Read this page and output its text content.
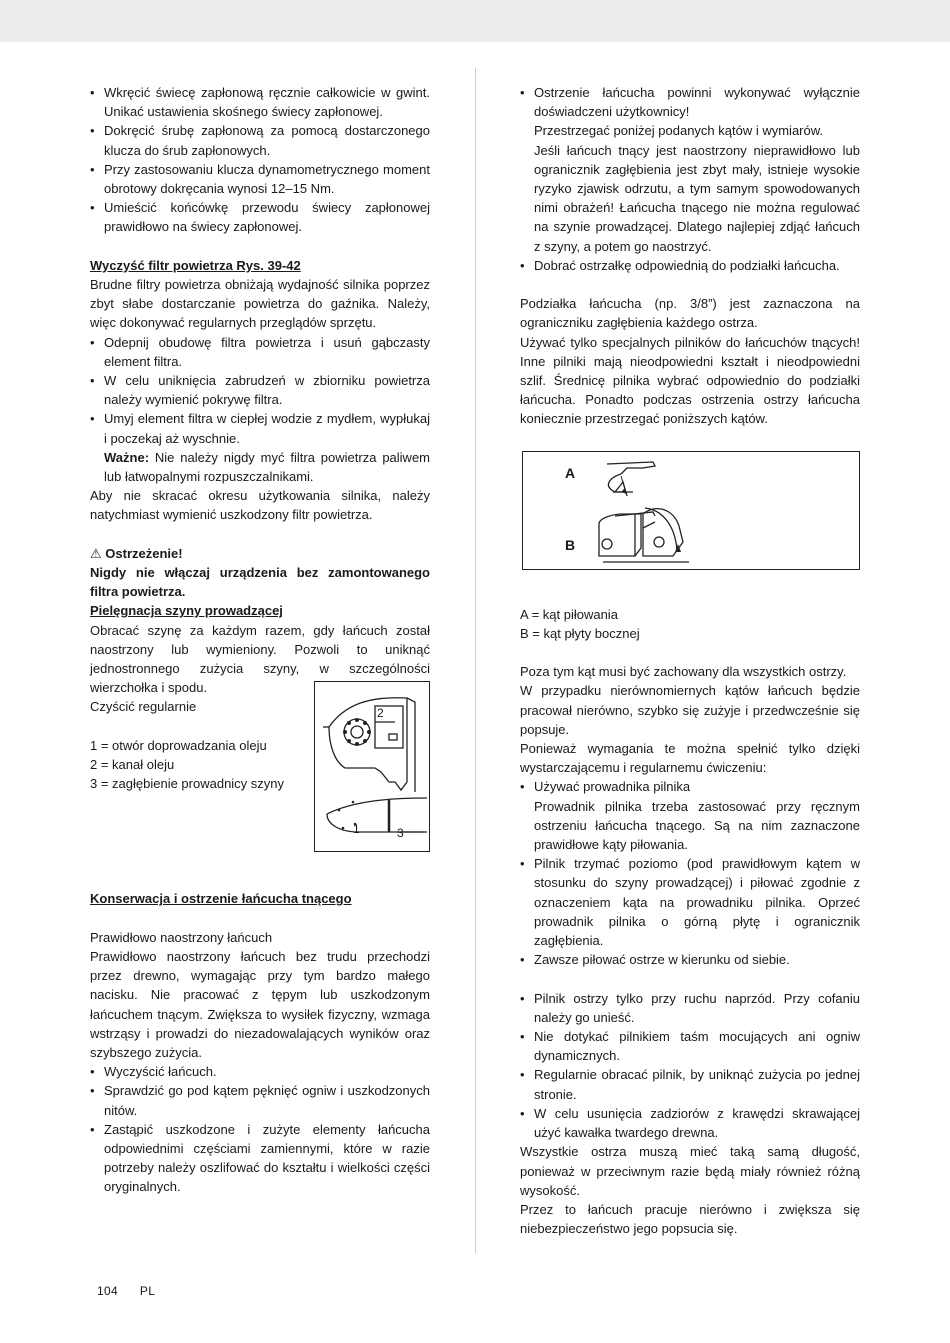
• Wkręcić świecę zapłonową ręcznie całkowicie w gwint. Unikać ustawienia skośnego świecy zapłonowej.
• Dokręcić śrubę zapłonową za pomocą dostarczonego klucza do śrub zapłonowych.
• Przy zastosowaniu klucza dynamometrycznego moment obrotowy dokręcania wynosi 12–15 Nm.
• Umieścić końcówkę przewodu świecy zapłonowej prawidłowo na świecy zapłonowej.
Wyczyść filtr powietrza Rys. 39-42

Brudne filtry powietrza obniżają wydajność silnika poprzez zbyt słabe dostarczanie powietrza do gaźnika. Należy, więc dokonywać regularnych przeglądów sprzętu.

• Odepnij obudowę filtra powietrza i usuń gąbczasty element filtra.
• W celu uniknięcia zabrudzeń w zbiorniku powietrza należy wymienić pokrywę filtra.
• Umyj element filtra w ciepłej wodzie z mydłem, wypłukaj i poczekaj aż wyschnie.
Ważne: Nie należy nigdy myć filtra powietrza paliwem lub łatwopalnymi rozpuszczalnikami.

Aby nie skracać okresu użytkowania silnika, należy natychmiast wymienić uszkodzony filtr powietrza.

⚠ Ostrzeżenie!

Nigdy nie włączaj urządzenia bez zamontowanego filtra powietrza.

Pielęgnacja szyny prowadzącej

Obracać szynę za każdym razem, gdy łańcuch został naostrzony lub wymieniony. Pozwoli to uniknąć jednostronnego zużycia szyny, w szczególności wierzchołka i spodu.

Czyścić regularnie
1 = otwór doprowadzania oleju
2 = kanał oleju
3 = zagłębienie prowadnicy szyny
Konserwacja i ostrzenie łańcucha tnącego
Prawidłowo naostrzony łańcuch

Prawidłowo naostrzony łańcuch bez trudu przechodzi przez drewno, wymagając przy tym bardzo małego nacisku. Nie pracować z tępym lub uszkodzonym łańcuchem tnącym. Zwiększa to wysiłek fizyczny, wzmaga wstrząsy i prowadzi do niezadowalających wyników oraz szybszego zużycia.

• Wyczyścić łańcuch.
• Sprawdzić go pod kątem pęknięć ogniw i uszkodzonych nitów.
• Zastąpić uszkodzone i zużyte elementy łańcucha odpowiednimi częściami zamiennymi, które w razie potrzeby należy oszlifować do kształtu i wielkości części oryginalnych.
2
1	3
• Ostrzenie łańcucha powinni wykonywać wyłącznie doświadczeni użytkownicy!
Przestrzegać poniżej podanych kątów i wymiarów.
Jeśli łańcuch tnący jest naostrzony nieprawidłowo lub ogranicznik zagłębienia jest zbyt mały, istnieje wysokie ryzyko zjawisk odrzutu, a tym samym spowodowanych nimi obrażeń! Łańcucha tnącego nie można regulować na szynie prowadzącej. Dlatego najlepiej zdjąć łańcuch z szyny, a potem go naostrzyć.
• Dobrać ostrzałkę odpowiednią do podziałki łańcucha.

Podziałka łańcucha (np. 3/8”) jest zaznaczona na ograniczniku zagłębienia każdego ostrza.

Używać tylko specjalnych pilników do łańcuchów tnących! Inne pilniki mają nieodpowiedni kształt i nieodpowiedni szlif. Średnicę pilnika wybrać odpowiednio do podziałki łańcucha. Ponadto podczas ostrzenia ostrzy łańcucha koniecznie przestrzegać poniższych kątów.

A = kąt piłowania
B = kąt płyty bocznej

Poza tym kąt musi być zachowany dla wszystkich ostrzy.

W przypadku nierównomiernych kątów łańcuch będzie pracował nierówno, szybko się zużyje i przedwcześnie się popsuje.

Ponieważ wymagania te można spełnić tylko dzięki wystarczającemu i regularnemu ćwiczeniu:

• Używać prowadnika pilnika
Prowadnik pilnika trzeba zastosować przy ręcznym ostrzeniu łańcucha tnącego. Są na nim zaznaczone prawidłowe kąty piłowania.
• Pilnik trzymać poziomo (pod prawidłowym kątem w stosunku do szyny prowadzącej) i piłować zgodnie z oznaczeniem kąta na prowadniku pilnika. Oprzeć prowadnik pilnika o górną płytę i ogranicznik zagłębienia.
• Zawsze piłować ostrze w kierunku od siebie.
• Pilnik ostrzy tylko przy ruchu naprzód. Przy cofaniu należy go unieść.
• Nie dotykać pilnikiem taśm mocujących ani ogniw dynamicznych.
• Regularnie obracać pilnik, by uniknąć zużycia po jednej stronie.
• W celu usunięcia zadziorów z krawędzi skrawającej użyć kawałka twardego drewna.

Wszystkie ostrza muszą mieć taką samą długość, ponieważ w przeciwnym razie będą miały również różną wysokość.

Przez to łańcuch pracuje nierówno i zwiększa się niebezpieczeństwo jego popsucia się.

A
B
104 PL
